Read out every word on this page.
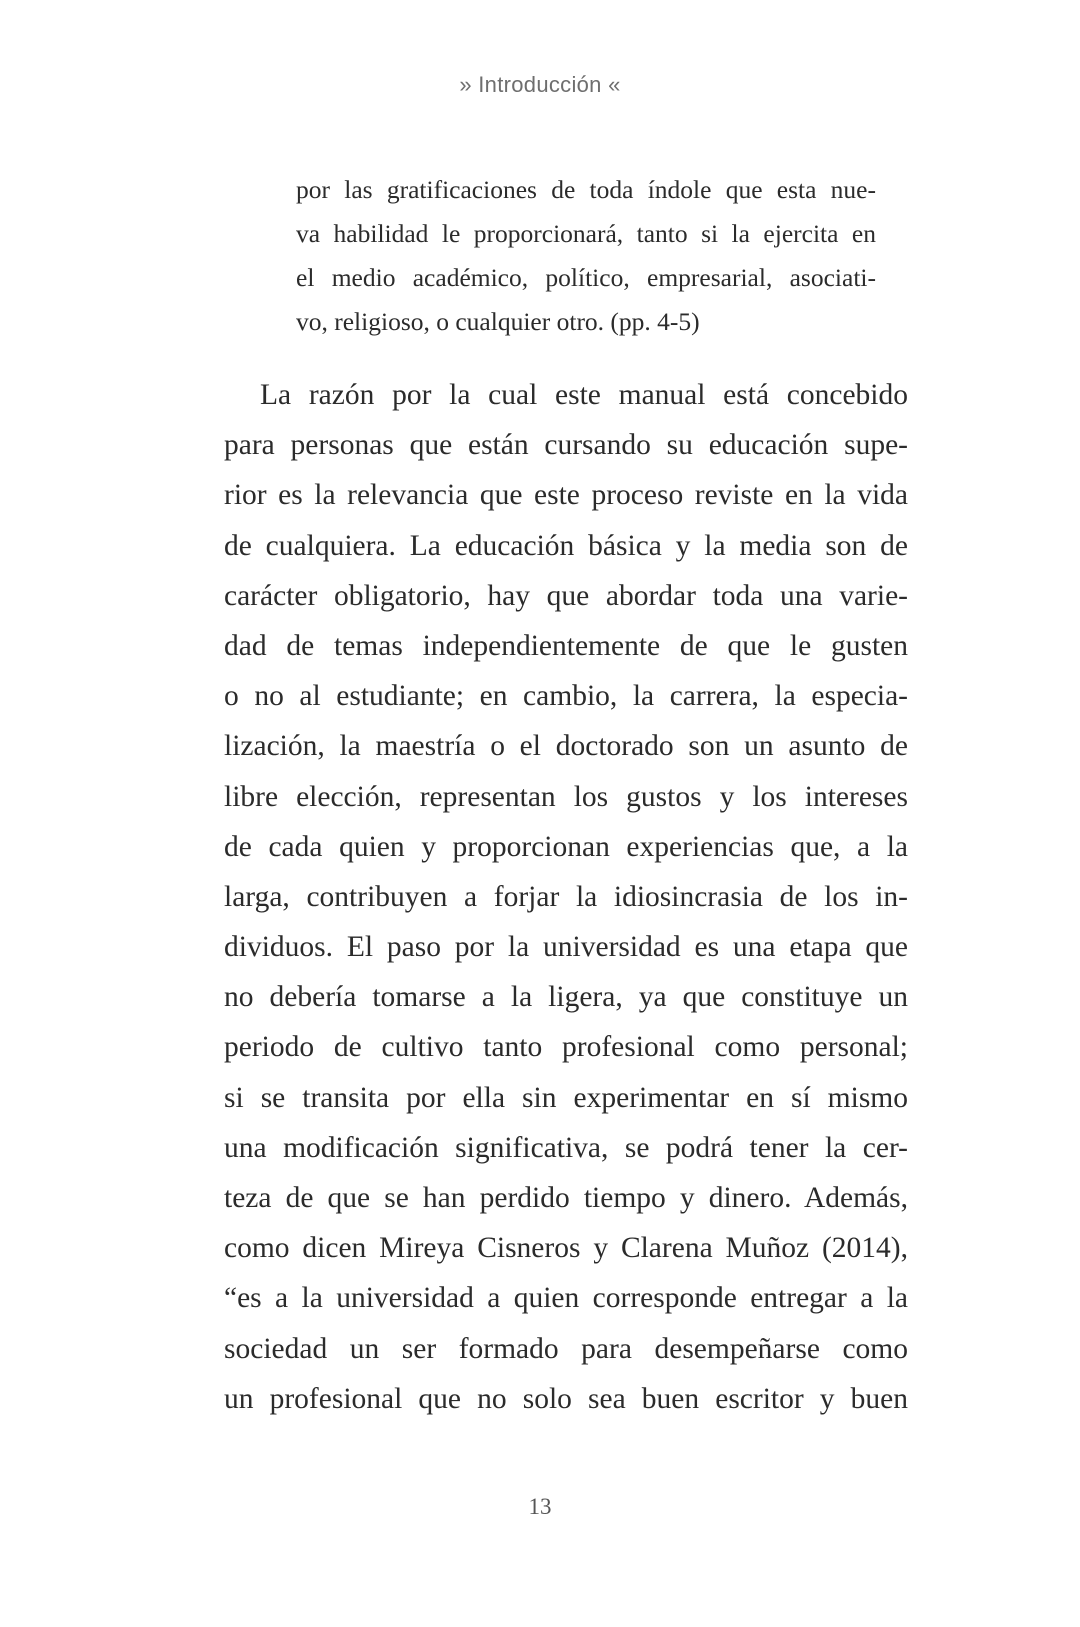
» Introducción «
por las gratificaciones de toda índole que esta nue-
va habilidad le proporcionará, tanto si la ejercita en
el medio académico, político, empresarial, asociati-
vo, religioso, o cualquier otro. (pp. 4-5)
La razón por la cual este manual está concebido
para personas que están cursando su educación supe-
rior es la relevancia que este proceso reviste en la vida
de cualquiera. La educación básica y la media son de
carácter obligatorio, hay que abordar toda una varie-
dad de temas independientemente de que le gusten
o no al estudiante; en cambio, la carrera, la especia-
lización, la maestría o el doctorado son un asunto de
libre elección, representan los gustos y los intereses
de cada quien y proporcionan experiencias que, a la
larga, contribuyen a forjar la idiosincrasia de los in-
dividuos. El paso por la universidad es una etapa que
no debería tomarse a la ligera, ya que constituye un
periodo de cultivo tanto profesional como personal;
si se transita por ella sin experimentar en sí mismo
una modificación significativa, se podrá tener la cer-
teza de que se han perdido tiempo y dinero. Además,
como dicen Mireya Cisneros y Clarena Muñoz (2014),
“es a la universidad a quien corresponde entregar a la
sociedad un ser formado para desempeñarse como
un profesional que no solo sea buen escritor y buen
13
